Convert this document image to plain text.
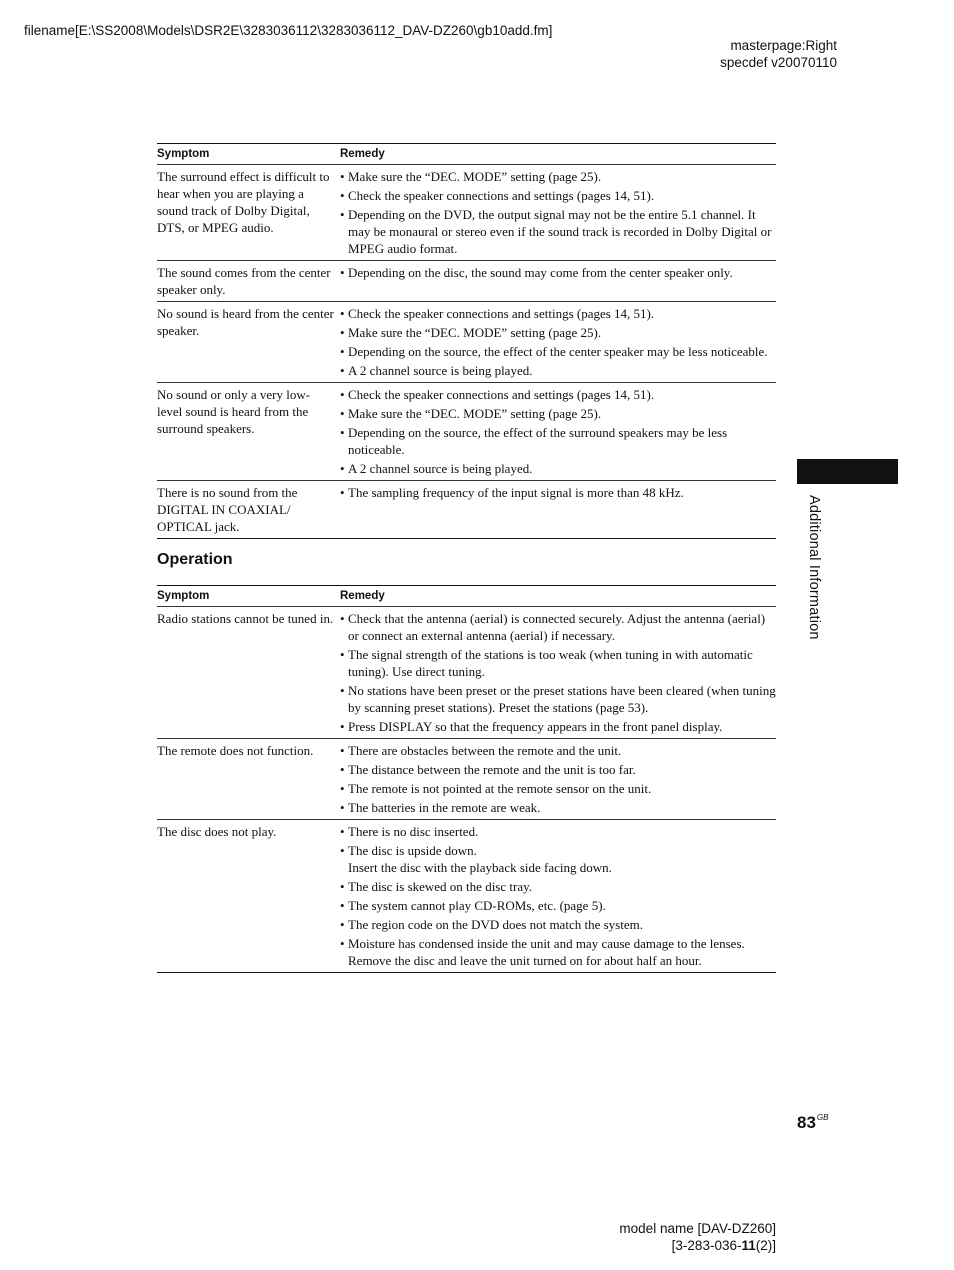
filename[E:\SS2008\Models\DSR2E\3283036112\3283036112_DAV-DZ260\gb10add.fm]
masterpage:Right
specdef v20070110
Symptom	Remedy
The surround effect is difficult to hear when you are playing a sound track of Dolby Digital, DTS, or MPEG audio.
• Make sure the “DEC. MODE” setting (page 25).
• Check the speaker connections and settings (pages 14, 51).
• Depending on the DVD, the output signal may not be the entire 5.1 channel. It may be monaural or stereo even if the sound track is recorded in Dolby Digital or MPEG audio format.
The sound comes from the center speaker only.
• Depending on the disc, the sound may come from the center speaker only.
No sound is heard from the center speaker.
• Check the speaker connections and settings (pages 14, 51).
• Make sure the “DEC. MODE” setting (page 25).
• Depending on the source, the effect of the center speaker may be less noticeable.
• A 2 channel source is being played.
No sound or only a very low-level sound is heard from the surround speakers.
• Check the speaker connections and settings (pages 14, 51).
• Make sure the “DEC. MODE” setting (page 25).
• Depending on the source, the effect of the surround speakers may be less noticeable.
• A 2 channel source is being played.
There is no sound from the DIGITAL IN COAXIAL/ OPTICAL jack.
• The sampling frequency of the input signal is more than 48 kHz.
Operation
Symptom	Remedy
Radio stations cannot be tuned in.	• Check that the antenna (aerial) is connected securely. Adjust the antenna (aerial) or connect an external antenna (aerial) if necessary.
• The signal strength of the stations is too weak (when tuning in with automatic tuning). Use direct tuning.
• No stations have been preset or the preset stations have been cleared (when tuning by scanning preset stations). Preset the stations (page 53).
• Press DISPLAY so that the frequency appears in the front panel display.
The remote does not function.	• There are obstacles between the remote and the unit.
• The distance between the remote and the unit is too far.
• The remote is not pointed at the remote sensor on the unit.
• The batteries in the remote are weak.
The disc does not play.	• There is no disc inserted.
• The disc is upside down.
Insert the disc with the playback side facing down.
• The disc is skewed on the disc tray.
• The system cannot play CD-ROMs, etc. (page 5).
• The region code on the DVD does not match the system.
• Moisture has condensed inside the unit and may cause damage to the lenses. Remove the disc and leave the unit turned on for about half an hour.
Additional Information
$83^{GB}$
model name [DAV-DZ260]
[3-283-036-11(2)]
